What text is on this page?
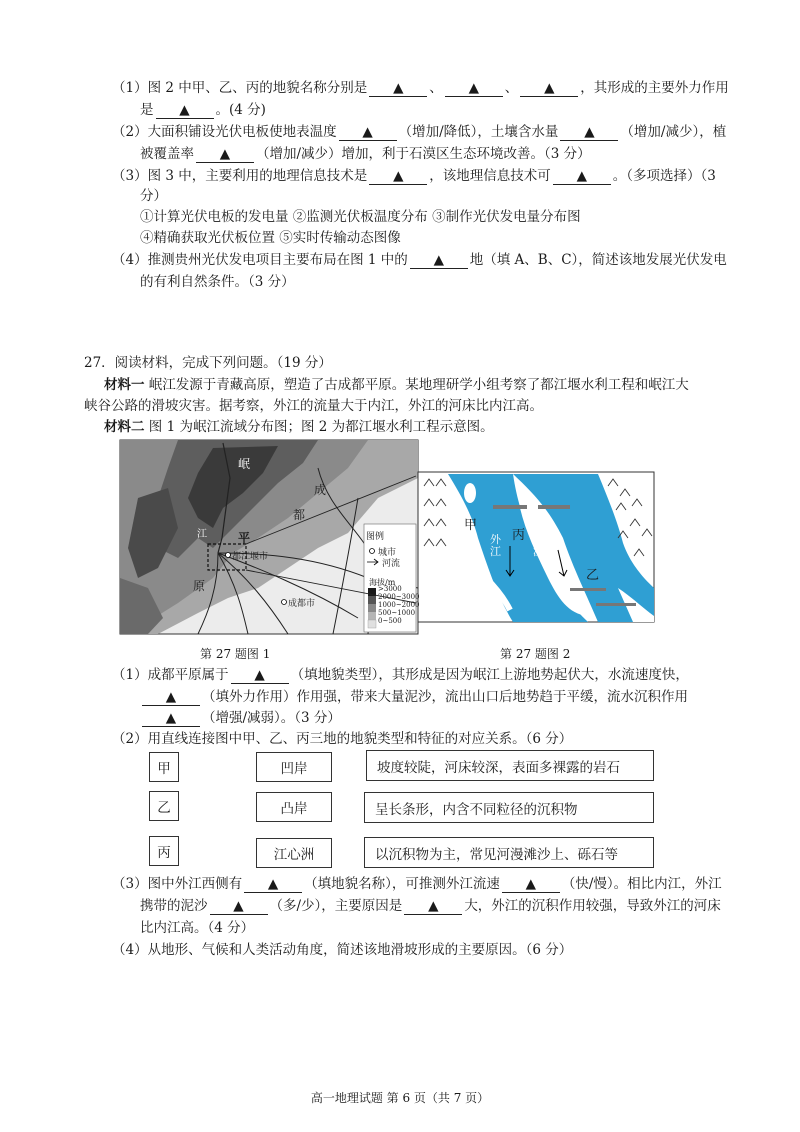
（1）图 2 中甲、乙、丙的地貌名称分别是 ▲ 、 ▲ 、 ▲ ，其形成的主要外力作用
是 ▲ 。(4 分)
（2）大面积铺设光伏电板使地表温度 ▲ （增加/降低），土壤含水量 ▲ （增加/减少），植
被覆盖率 ▲ （增加/减少）增加，利于石漠区生态环境改善。（3 分）
（3）图 3 中，主要利用的地理信息技术是 ▲ ，该地理信息技术可 ▲ 。（多项选择）（3
分）
①计算光伏电板的发电量 ②监测光伏板温度分布 ③制作光伏发电量分布图
④精确获取光伏板位置 ⑤实时传输动态图像
（4）推测贵州光伏发电项目主要布局在图 1 中的 ▲ 地（填 A、B、C），简述该地发展光伏发电
的有利自然条件。（3 分）
27．阅读材料，完成下列问题。（19 分）
材料一 岷江发源于青藏高原，塑造了古成都平原。某地理研学小组考察了都江堰水利工程和岷江大
峡谷公路的滑坡灾害。据考察，外江的流量大于内江，外江的河床比内江高。
材料二 图 1 为岷江流域分布图；图 2 为都江堰水利工程示意图。
岷
成
都
平
原
江
都江堰市
成都市
图例
城市
河流
海拔/m
>3000
2000~3000
1000~2000
500~1000
0~500
甲
丙
乙
外江
内江
第 27 题图 1	第 27 题图 2
（1）成都平原属于 ▲ （填地貌类型），其形成是因为岷江上游地势起伏大，水流速度快，
▲ （填外力作用）作用强，带来大量泥沙，流出山口后地势趋于平缓，流水沉积作用
▲ （增强/减弱）。（3 分）
（2）用直线连接图中甲、乙、丙三地的地貌类型和特征的对应关系。（6 分）
甲
乙
丙
凹岸
凸岸
江心洲
坡度较陡，河床较深，表面多裸露的岩石
呈长条形，内含不同粒径的沉积物
以沉积物为主，常见河漫滩沙上、砾石等
（3）图中外江西侧有 ▲ （填地貌名称），可推测外江流速 ▲ （快/慢）。相比内江，外江
携带的泥沙 ▲ （多/少），主要原因是 ▲ 大，外江的沉积作用较强，导致外江的河床
比内江高。（4 分）
（4）从地形、气候和人类活动角度，简述该地滑坡形成的主要原因。（6 分）
高一地理试题 第 6 页（共 7 页）
